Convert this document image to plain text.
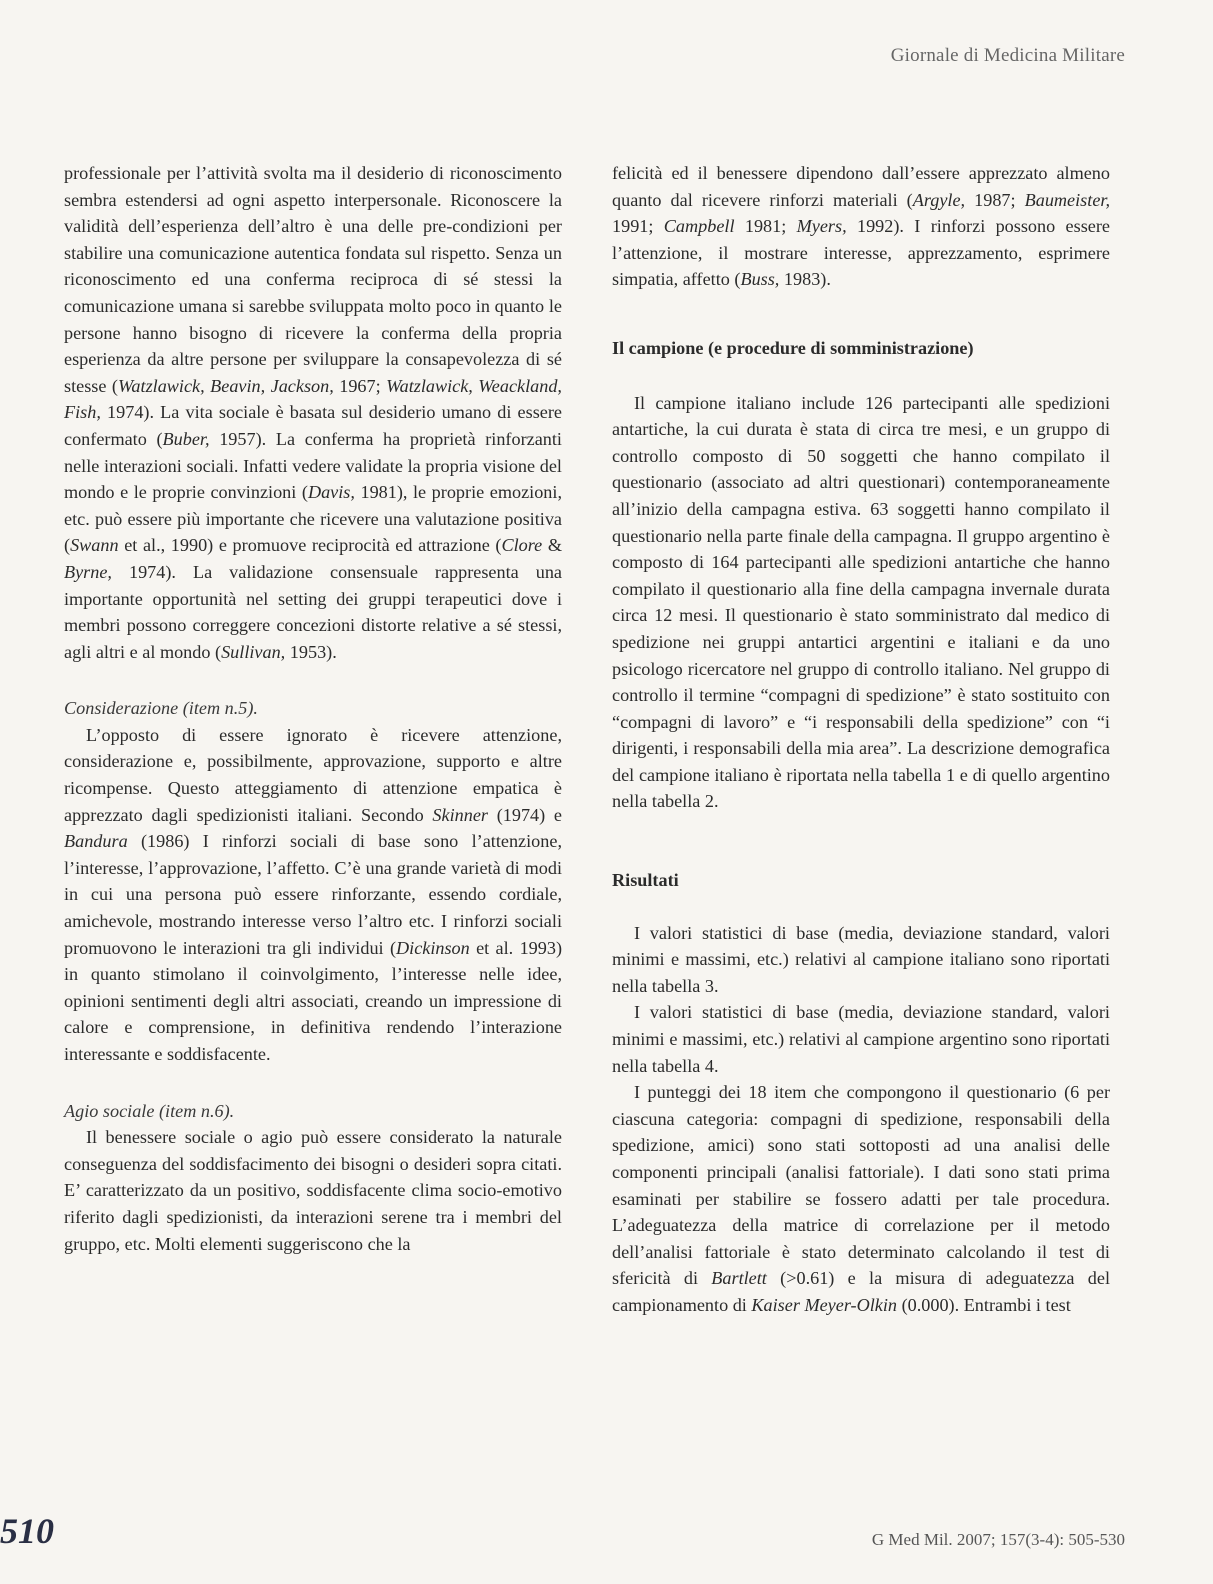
Giornale di Medicina Militare

professionale per l’attività svolta ma il desiderio di riconoscimento sembra estendersi ad ogni aspetto interpersonale. Riconoscere la validità dell’esperienza dell’altro è una delle pre-condizioni per stabilire una comunicazione autentica fondata sul rispetto. Senza un riconoscimento ed una conferma reciproca di sé stessi la comunicazione umana si sarebbe sviluppata molto poco in quanto le persone hanno bisogno di ricevere la conferma della propria esperienza da altre persone per sviluppare la consapevolezza di sé stesse (Watzlawick, Beavin, Jackson, 1967; Watzlawick, Weackland, Fish, 1974). La vita sociale è basata sul desiderio umano di essere confermato (Buber, 1957). La conferma ha proprietà rinforzanti nelle interazioni sociali. Infatti vedere validate la propria visione del mondo e le proprie convinzioni (Davis, 1981), le proprie emozioni, etc. può essere più importante che ricevere una valutazione positiva (Swann et al., 1990) e promuove reciprocità ed attrazione (Clore & Byrne, 1974). La validazione consensuale rappresenta una importante opportunità nel setting dei gruppi terapeutici dove i membri possono correggere concezioni distorte relative a sé stessi, agli altri e al mondo (Sullivan, 1953).

Considerazione (item n.5).

L’opposto di essere ignorato è ricevere attenzione, considerazione e, possibilmente, approvazione, supporto e altre ricompense. Questo atteggiamento di attenzione empatica è apprezzato dagli spedizionisti italiani. Secondo Skinner (1974) e Bandura (1986) I rinforzi sociali di base sono l’attenzione, l’interesse, l’approvazione, l’affetto. C’è una grande varietà di modi in cui una persona può essere rinforzante, essendo cordiale, amichevole, mostrando interesse verso l’altro etc. I rinforzi sociali promuovono le interazioni tra gli individui (Dickinson et al. 1993) in quanto stimolano il coinvolgimento, l’interesse nelle idee, opinioni sentimenti degli altri associati, creando un impressione di calore e comprensione, in definitiva rendendo l’interazione interessante e soddisfacente.

Agio sociale (item n.6).

Il benessere sociale o agio può essere considerato la naturale conseguenza del soddisfacimento dei bisogni o desideri sopra citati. E’ caratterizzato da un positivo, soddisfacente clima socio-emotivo riferito dagli spedizionisti, da interazioni serene tra i membri del gruppo, etc. Molti elementi suggeriscono che la

felicità ed il benessere dipendono dall’essere apprezzato almeno quanto dal ricevere rinforzi materiali (Argyle, 1987; Baumeister, 1991; Campbell 1981; Myers, 1992). I rinforzi possono essere l’attenzione, il mostrare interesse, apprezzamento, esprimere simpatia, affetto (Buss, 1983).

Il campione (e procedure di somministrazione)

Il campione italiano include 126 partecipanti alle spedizioni antartiche, la cui durata è stata di circa tre mesi, e un gruppo di controllo composto di 50 soggetti che hanno compilato il questionario (associato ad altri questionari) contemporaneamente all’inizio della campagna estiva. 63 soggetti hanno compilato il questionario nella parte finale della campagna. Il gruppo argentino è composto di 164 partecipanti alle spedizioni antartiche che hanno compilato il questionario alla fine della campagna invernale durata circa 12 mesi. Il questionario è stato somministrato dal medico di spedizione nei gruppi antartici argentini e italiani e da uno psicologo ricercatore nel gruppo di controllo italiano. Nel gruppo di controllo il termine “compagni di spedizione” è stato sostituito con “compagni di lavoro” e “i responsabili della spedizione” con “i dirigenti, i responsabili della mia area”. La descrizione demografica del campione italiano è riportata nella tabella 1 e di quello argentino nella tabella 2.

Risultati

I valori statistici di base (media, deviazione standard, valori minimi e massimi, etc.) relativi al campione italiano sono riportati nella tabella 3.

I valori statistici di base (media, deviazione standard, valori minimi e massimi, etc.) relativi al campione argentino sono riportati nella tabella 4.

I punteggi dei 18 item che compongono il questionario (6 per ciascuna categoria: compagni di spedizione, responsabili della spedizione, amici) sono stati sottoposti ad una analisi delle componenti principali (analisi fattoriale). I dati sono stati prima esaminati per stabilire se fossero adatti per tale procedura. L’adeguatezza della matrice di correlazione per il metodo dell’analisi fattoriale è stato determinato calcolando il test di sfericità di Bartlett (>0.61) e la misura di adeguatezza del campionamento di Kaiser Meyer-Olkin (0.000). Entrambi i test

510	G Med Mil. 2007; 157(3-4): 505-530
